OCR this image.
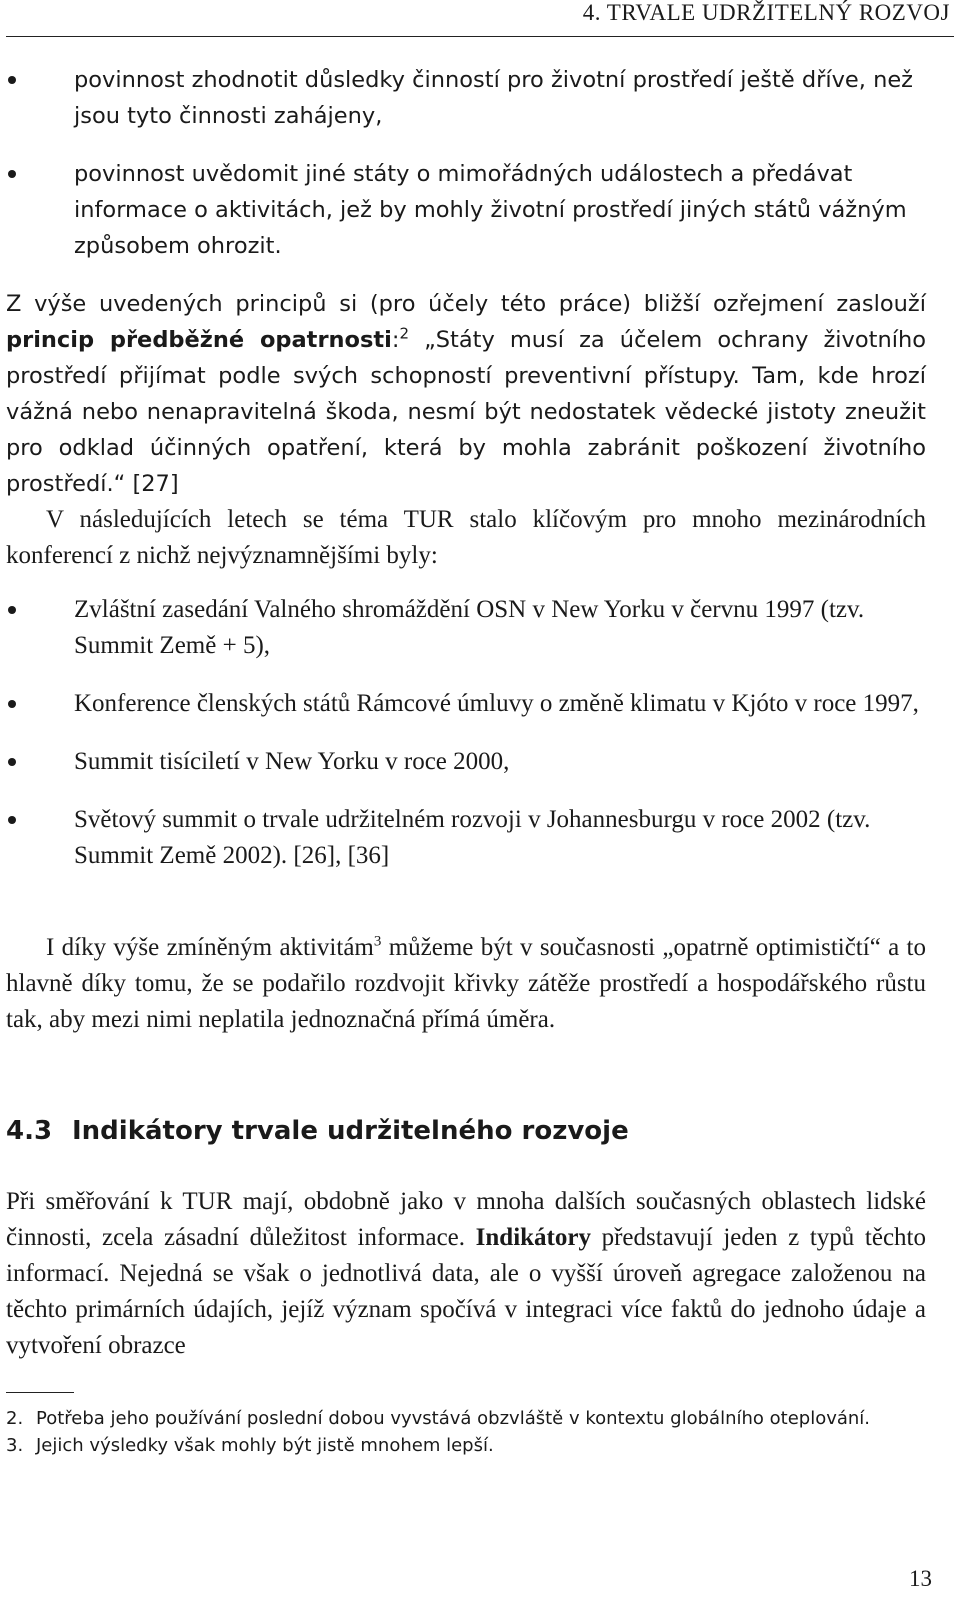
4. TRVALE UDRŽITELNÝ ROZVOJ
povinnost zhodnotit důsledky činností pro životní prostředí ještě dříve, než jsou tyto činnosti zahájeny,
povinnost uvědomit jiné státy o mimořádných událostech a předávat informace o aktivitách, jež by mohly životní prostředí jiných států vážným způsobem ohrozit.

Z výše uvedených principů si (pro účely této práce) bližší ozřejmení zaslouží princip předběžné opatrnosti:$^2$ „Státy musí za účelem ochrany životního prostředí přijímat podle svých schopností preventivní přístupy. Tam, kde hrozí vážná nebo nenapravitelná škoda, nesmí být nedostatek vědecké jistoty zneužit pro odklad účinných opatření, která by mohla zabránit poškození životního prostředí.“ [27]

V následujících letech se téma TUR stalo klíčovým pro mnoho mezinárodních konferencí z nichž nejvýznamnějšími byly:

Zvláštní zasedání Valného shromáždění OSN v New Yorku v červnu 1997 (tzv. Summit Země + 5),
Konference členských států Rámcové úmluvy o změně klimatu v Kjóto v roce 1997,
Summit tisíciletí v New Yorku v roce 2000,
Světový summit o trvale udržitelném rozvoji v Johannesburgu v roce 2002 (tzv. Summit Země 2002). [26], [36]

I díky výše zmíněným aktivitám$^3$ můžeme být v současnosti „opatrně optimističtí“ a to hlavně díky tomu, že se podařilo rozdvojit křivky zátěže prostředí a hospodářského růstu tak, aby mezi nimi neplatila jednoznačná přímá úměra.

4.3 Indikátory trvale udržitelného rozvoje

Při směřování k TUR mají, obdobně jako v mnoha dalších současných oblastech lidské činnosti, zcela zásadní důležitost informace. Indikátory představují jeden z typů těchto informací. Nejedná se však o jednotlivá data, ale o vyšší úroveň agregace založenou na těchto primárních údajích, jejíž význam spočívá v integraci více faktů do jednoho údaje a vytvoření obrazce

2. Potřeba jeho používání poslední dobou vyvstává obzvláště v kontextu globálního oteplování.
3. Jejich výsledky však mohly být jistě mnohem lepší.
13
